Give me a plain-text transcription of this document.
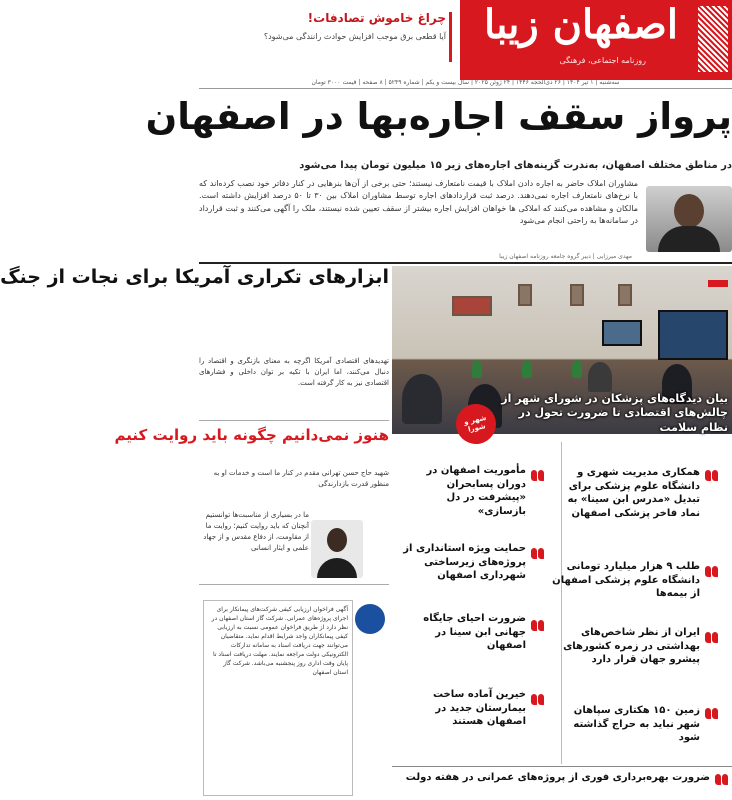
اصفهان زیبا
روزنامه اجتماعی، فرهنگی
چراغ خاموش تصادفات!
آیا قطعی برق موجب افزایش حوادث رانندگی می‌شود؟
سه‌شنبه | ۱ تیر ۱۴۰۴ | ۲۶ ذی‌الحجه ۱۴۴۶ | ۲۴ ژوئن ۲۰۲۵ | سال بیست و یکم | شماره ۵۲۴۹ | ۸ صفحه | قیمت ۳۰۰۰ تومان
پرواز سقف اجاره‌بها در اصفهان
در مناطق مختلف اصفهان، به‌ندرت گزینه‌های اجاره‌های زیر ۱۵ میلیون تومان پیدا می‌شود
مشاوران املاک حاضر به اجاره دادن املاک با قیمت نامتعارف نیستند؛ حتی برخی از آن‌ها بنرهایی در کنار دفاتر خود نصب کرده‌اند که با نرخ‌های نامتعارف اجاره نمی‌دهند. درصد ثبت قراردادهای اجاره توسط مشاوران املاک بین ۳۰ تا ۵۰ درصد افزایش داشته است. مالکان و مشاهده می‌کنند که املاکی ها خواهان افزایش اجاره بیشتر از سقف تعیین شده نیستند، ملک را آگهی می‌کنند و ثبت قرارداد در سامانه‌ها به راحتی انجام می‌شود
مهدی میرزایی | دبیر گروه جامعه روزنامه اصفهان زیبا
بیان دیدگاه‌های پزشکان در شورای شهر از چالش‌های اقتصادی تا ضرورت تحول در نظام سلامت
شهر و شورا
ابزارهای تکراری آمریکا برای نجات از جنگ
تهدیدهای اقتصادی آمریکا اگرچه به معنای بازنگری و اقتصاد را دنبال می‌کنند، اما ایران با تکیه بر توان داخلی و فشارهای اقتصادی نیز به کار گرفته است.
هنوز نمی‌دانیم چگونه باید روایت کنیم
شهید حاج حسن تهرانی مقدم در کنار ما است و خدمات او به منظور قدرت بازدارندگی
ما در بسیاری از مناسبت‌ها توانستیم آنچنان که باید روایت کنیم؛ روایت ما از مقاومت، از دفاع مقدس و از جهاد علمی و ایثار انسانی
آگهی فراخوان ارزیابی کیفی شرکت‌های پیمانکار برای اجرای پروژه‌های عمرانی. شرکت گاز استان اصفهان در نظر دارد از طریق فراخوان عمومی نسبت به ارزیابی کیفی پیمانکاران واجد شرایط اقدام نماید. متقاضیان می‌توانند جهت دریافت اسناد به سامانه تدارکات الکترونیکی دولت مراجعه نمایند. مهلت دریافت اسناد تا پایان وقت اداری روز پنجشنبه می‌باشد. شرکت گاز استان اصفهان
همکاری مدیریت شهری و دانشگاه علوم پزشکی برای تبدیل «مدرس ابن سینا» به نماد فاخر پزشکی اصفهان
طلب ۹ هزار میلیارد تومانی دانشگاه علوم پزشکی اصفهان از بیمه‌ها
ایران از نظر شاخص‌های بهداشتی در زمره کشورهای پیشرو جهان قرار دارد
زمین ۱۵۰ هکتاری سپاهان شهر نباید به حراج گذاشته شود
مأموریت اصفهان در دوران پسابحران «پیشرفت در دل بازسازی»
حمایت ویژه استانداری از پروژه‌های زیرساختی شهرداری اصفهان
ضرورت احیای جایگاه جهانی ابن سینا در اصفهان
خیرین آماده ساخت بیمارستان جدید در اصفهان هستند
ضرورت بهره‌برداری فوری از پروژه‌های عمرانی در هفته دولت
